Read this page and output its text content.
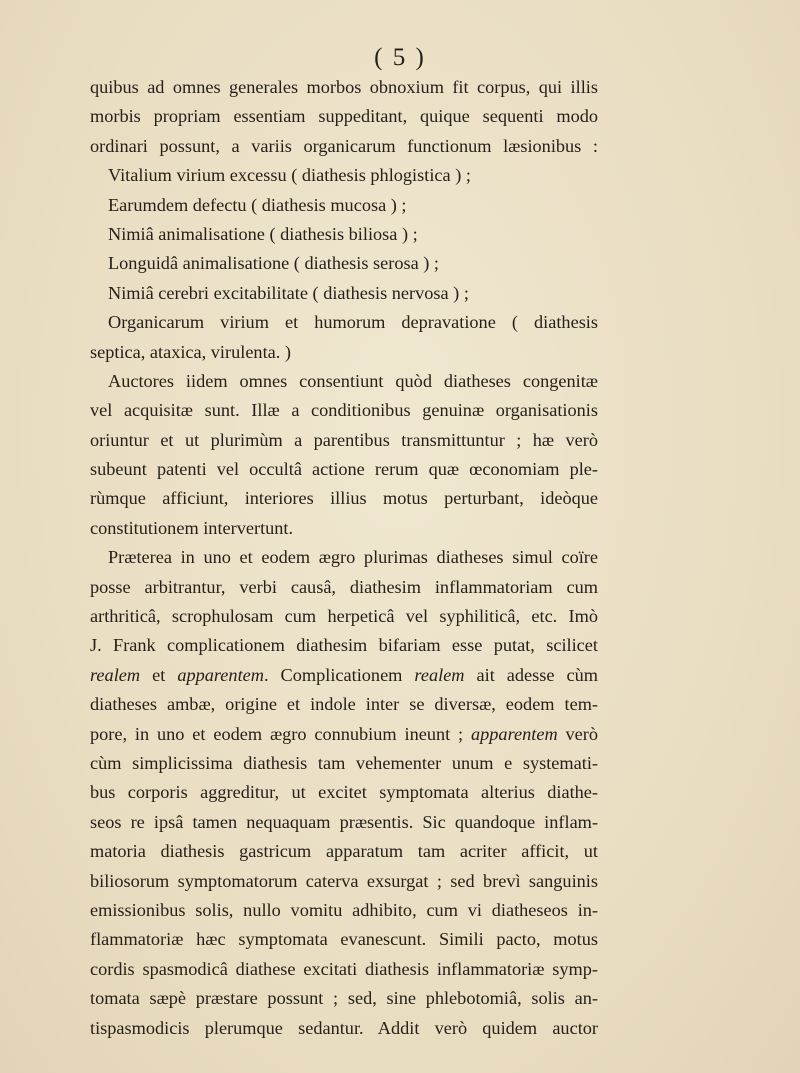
( 5 )
quibus ad omnes generales morbos obnoxium fit corpus, qui illis
morbis propriam essentiam suppeditant, quique sequenti modo
ordinari possunt, a variis organicarum functionum læsionibus :
Vitalium virium excessu ( diathesis phlogistica ) ;
Earumdem defectu ( diathesis mucosa ) ;
Nimiâ animalisatione ( diathesis biliosa ) ;
Longuidâ animalisatione ( diathesis serosa ) ;
Nimiâ cerebri excitabilitate ( diathesis nervosa ) ;
Organicarum virium et humorum depravatione ( diathesis
septica, ataxica, virulenta. )
Auctores iidem omnes consentiunt quòd diatheses congenitæ
vel acquisitæ sunt. Illæ a conditionibus genuinæ organisationis
oriuntur et ut plurimùm a parentibus transmittuntur ; hæ verò
subeunt patenti vel occultâ actione rerum quæ œconomiam ple-
rùmque afficiunt, interiores illius motus perturbant, ideòque
constitutionem intervertunt.
Præterea in uno et eodem ægro plurimas diatheses simul coïre
posse arbitrantur, verbi causâ, diathesim inflammatoriam cum
arthriticâ, scrophulosam cum herpeticâ vel syphiliticâ, etc. Imò
J. Frank complicationem diathesim bifariam esse putat, scilicet
realem et apparentem. Complicationem realem ait adesse cùm
diatheses ambæ, origine et indole inter se diversæ, eodem tem-
pore, in uno et eodem ægro connubium ineunt ; apparentem verò
cùm simplicissima diathesis tam vehementer unum e systemati-
bus corporis aggreditur, ut excitet symptomata alterius diathe-
seos re ipsâ tamen nequaquam præsentis. Sic quandoque inflam-
matoria diathesis gastricum apparatum tam acriter afficit, ut
biliosorum symptomatorum caterva exsurgat ; sed brevì sanguinis
emissionibus solis, nullo vomitu adhibito, cum vi diatheseos in-
flammatoriæ hæc symptomata evanescunt. Simili pacto, motus
cordis spasmodicâ diathese excitati diathesis inflammatoriæ symp-
tomata sæpè præstare possunt ; sed, sine phlebotomiâ, solis an-
tispasmodicis plerumque sedantur. Addit verò quidem auctor
